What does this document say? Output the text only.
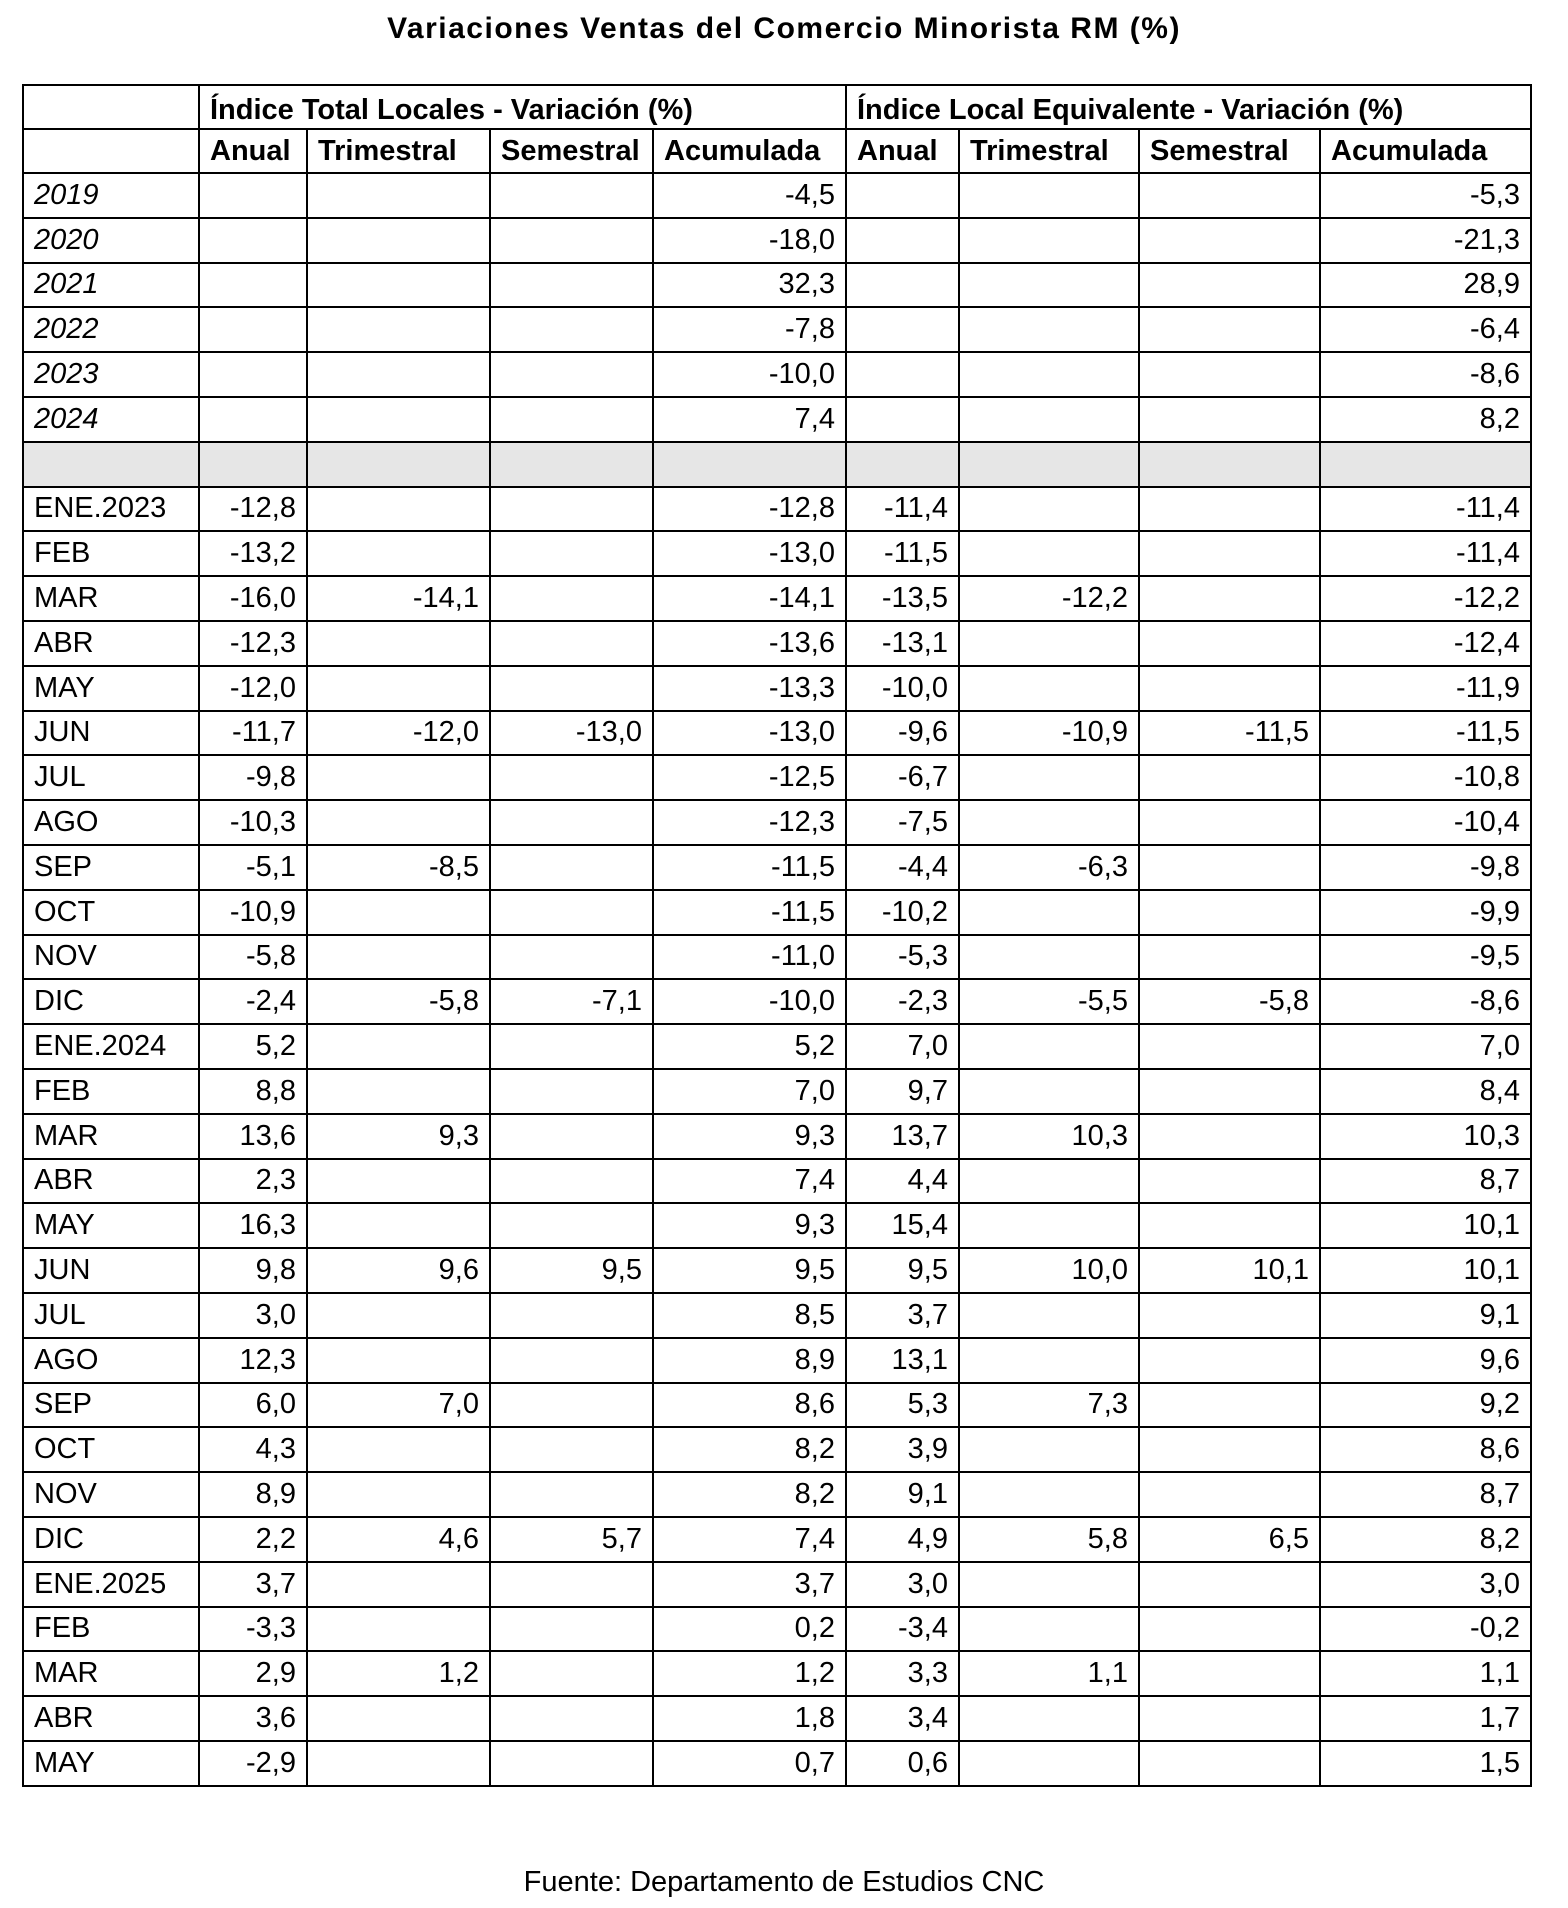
Variaciones Ventas del Comercio Minorista RM (%)
	Índice Total Locales - Variación (%)				Índice Local Equivalente - Variación (%)			
	Anual	Trimestral	Semestral	Acumulada	Anual	Trimestral	Semestral	Acumulada
2019				-4,5				-5,3
2020				-18,0				-21,3
2021				32,3				28,9
2022				-7,8				-6,4
2023				-10,0				-8,6
2024				7,4				8,2

ENE.2023	-12,8			-12,8	-11,4			-11,4
FEB	-13,2			-13,0	-11,5			-11,4
MAR	-16,0	-14,1		-14,1	-13,5	-12,2		-12,2
ABR	-12,3			-13,6	-13,1			-12,4
MAY	-12,0			-13,3	-10,0			-11,9
JUN	-11,7	-12,0	-13,0	-13,0	-9,6	-10,9	-11,5	-11,5
JUL	-9,8			-12,5	-6,7			-10,8
AGO	-10,3			-12,3	-7,5			-10,4
SEP	-5,1	-8,5		-11,5	-4,4	-6,3		-9,8
OCT	-10,9			-11,5	-10,2			-9,9
NOV	-5,8			-11,0	-5,3			-9,5
DIC	-2,4	-5,8	-7,1	-10,0	-2,3	-5,5	-5,8	-8,6
ENE.2024	5,2			5,2	7,0			7,0
FEB	8,8			7,0	9,7			8,4
MAR	13,6	9,3		9,3	13,7	10,3		10,3
ABR	2,3			7,4	4,4			8,7
MAY	16,3			9,3	15,4			10,1
JUN	9,8	9,6	9,5	9,5	9,5	10,0	10,1	10,1
JUL	3,0			8,5	3,7			9,1
AGO	12,3			8,9	13,1			9,6
SEP	6,0	7,0		8,6	5,3	7,3		9,2
OCT	4,3			8,2	3,9			8,6
NOV	8,9			8,2	9,1			8,7
DIC	2,2	4,6	5,7	7,4	4,9	5,8	6,5	8,2
ENE.2025	3,7			3,7	3,0			3,0
FEB	-3,3			0,2	-3,4			-0,2
MAR	2,9	1,2		1,2	3,3	1,1		1,1
ABR	3,6			1,8	3,4			1,7
MAY	-2,9			0,7	0,6			1,5
Fuente: Departamento de Estudios CNC
